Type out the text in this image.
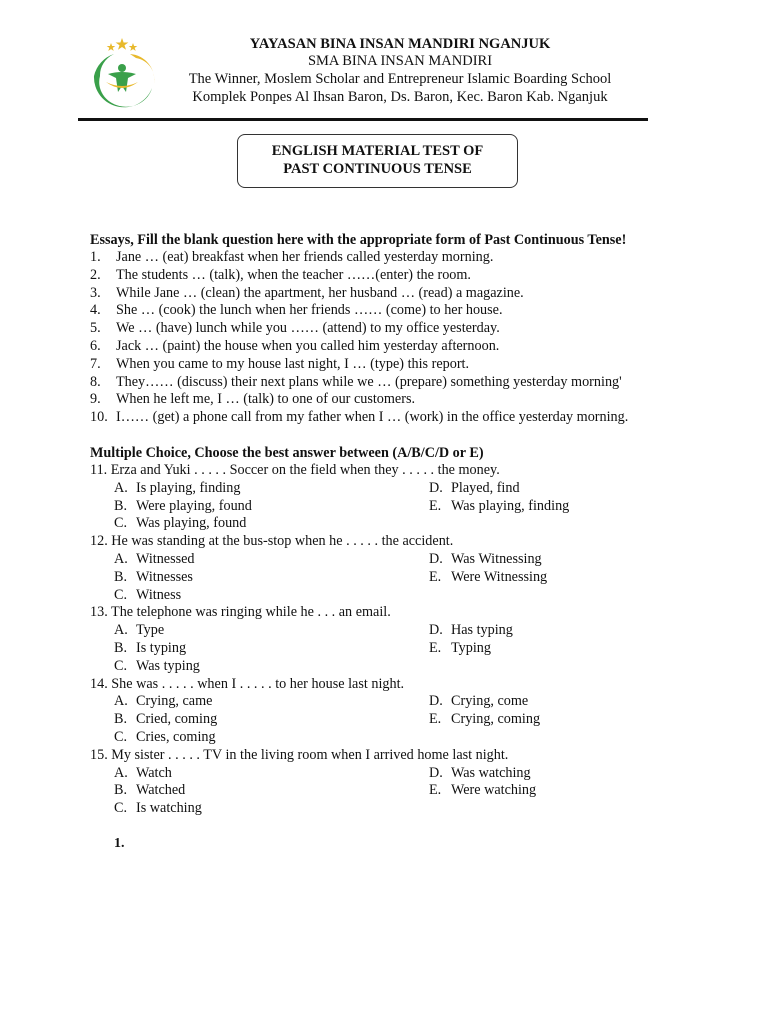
YAYASAN BINA INSAN MANDIRI NGANJUK
SMA BINA INSAN MANDIRI
The Winner, Moslem Scholar and Entrepreneur Islamic Boarding School
Komplek Ponpes Al Ihsan Baron, Ds. Baron, Kec. Baron Kab. Nganjuk
ENGLISH MATERIAL TEST OF
PAST CONTINUOUS TENSE
Essays, Fill the blank question here with the appropriate form of Past Continuous Tense!
1. Jane … (eat) breakfast when her friends called yesterday morning.
2. The students … (talk), when the teacher ……(enter) the room.
3. While Jane … (clean) the apartment, her husband … (read) a magazine.
4. She … (cook) the lunch when her friends …… (come) to her house.
5. We … (have) lunch while you …… (attend) to my office yesterday.
6. Jack … (paint) the house when you called him yesterday afternoon.
7. When you came to my house last night, I … (type) this report.
8. They…… (discuss) their next plans while we … (prepare) something yesterday morning'
9. When he left me, I … (talk) to one of our customers.
10. I…… (get) a phone call from my father when I … (work) in the office yesterday morning.
Multiple Choice, Choose the best answer between (A/B/C/D or E)
11. Erza and Yuki . . . . . Soccer on the field when they . . . . . the money.
A. Is playing, finding
B. Were playing, found
C. Was playing, found
D. Played, find
E. Was playing, finding
12. He was standing at the bus-stop when he . . . . . the accident.
A. Witnessed
B. Witnesses
C. Witness
D. Was Witnessing
E. Were Witnessing
13. The telephone was ringing while he . . . an email.
A. Type
B. Is typing
C. Was typing
D. Has typing
E. Typing
14. She was . . . . . when I . . . . . to her house last night.
A. Crying, came
B. Cried, coming
C. Cries, coming
D. Crying, come
E. Crying, coming
15. My sister . . . . . TV in the living room when I arrived home last night.
A. Watch
B. Watched
C. Is watching
D. Was watching
E. Were watching
1.
